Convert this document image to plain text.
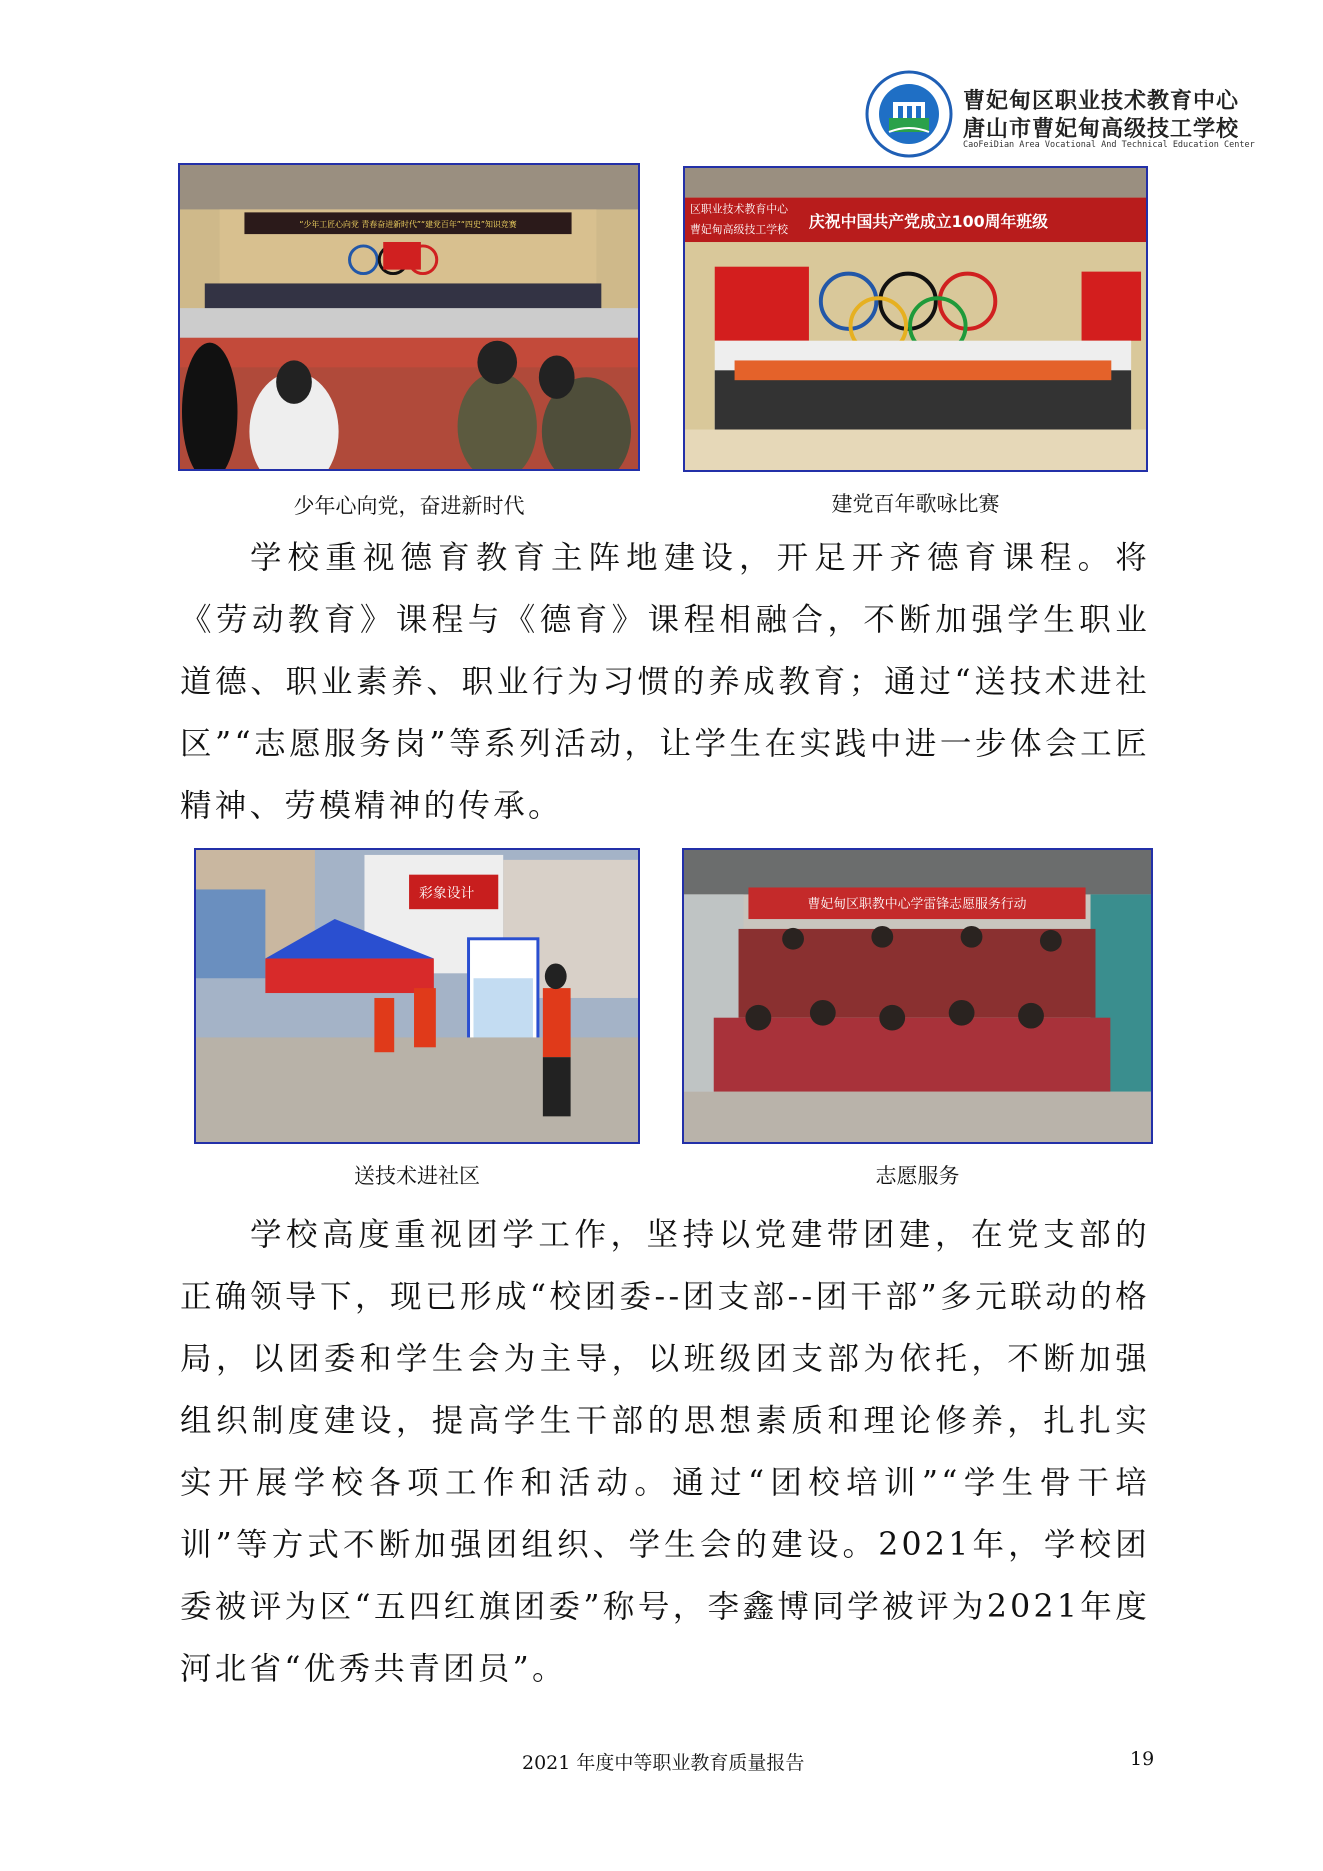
曹妃甸区职业技术教育中心
唐山市曹妃甸高级技工学校
CaoFeiDian Area Vocational And Technical Education Center
“少年工匠心向党 青春奋进新时代”“建党百年”“四史”知识竞赛
少年心向党，奋进新时代
区职业技术教育中心
曹妃甸高级技工学校 庆祝中国共产党成立100周年班级
建党百年歌咏比赛

学校重视德育教育主阵地建设，开足开齐德育课程。将《劳动教育》课程与《德育》课程相融合，不断加强学生职业道德、职业素养、职业行为习惯的养成教育；通过“送技术进社区”“志愿服务岗”等系列活动，让学生在实践中进一步体会工匠精神、劳模精神的传承。

彩象设计
送技术进社区
曹妃甸区职教中心学雷锋志愿服务行动
志愿服务

学校高度重视团学工作，坚持以党建带团建，在党支部的正确领导下，现已形成“校团委--团支部--团干部”多元联动的格局，以团委和学生会为主导，以班级团支部为依托，不断加强组织制度建设，提高学生干部的思想素质和理论修养，扎扎实实开展学校各项工作和活动。通过“团校培训”“学生骨干培训”等方式不断加强团组织、学生会的建设。2021年，学校团委被评为区“五四红旗团委”称号，李鑫博同学被评为2021年度河北省“优秀共青团员”。

2021 年度中等职业教育质量报告	19
